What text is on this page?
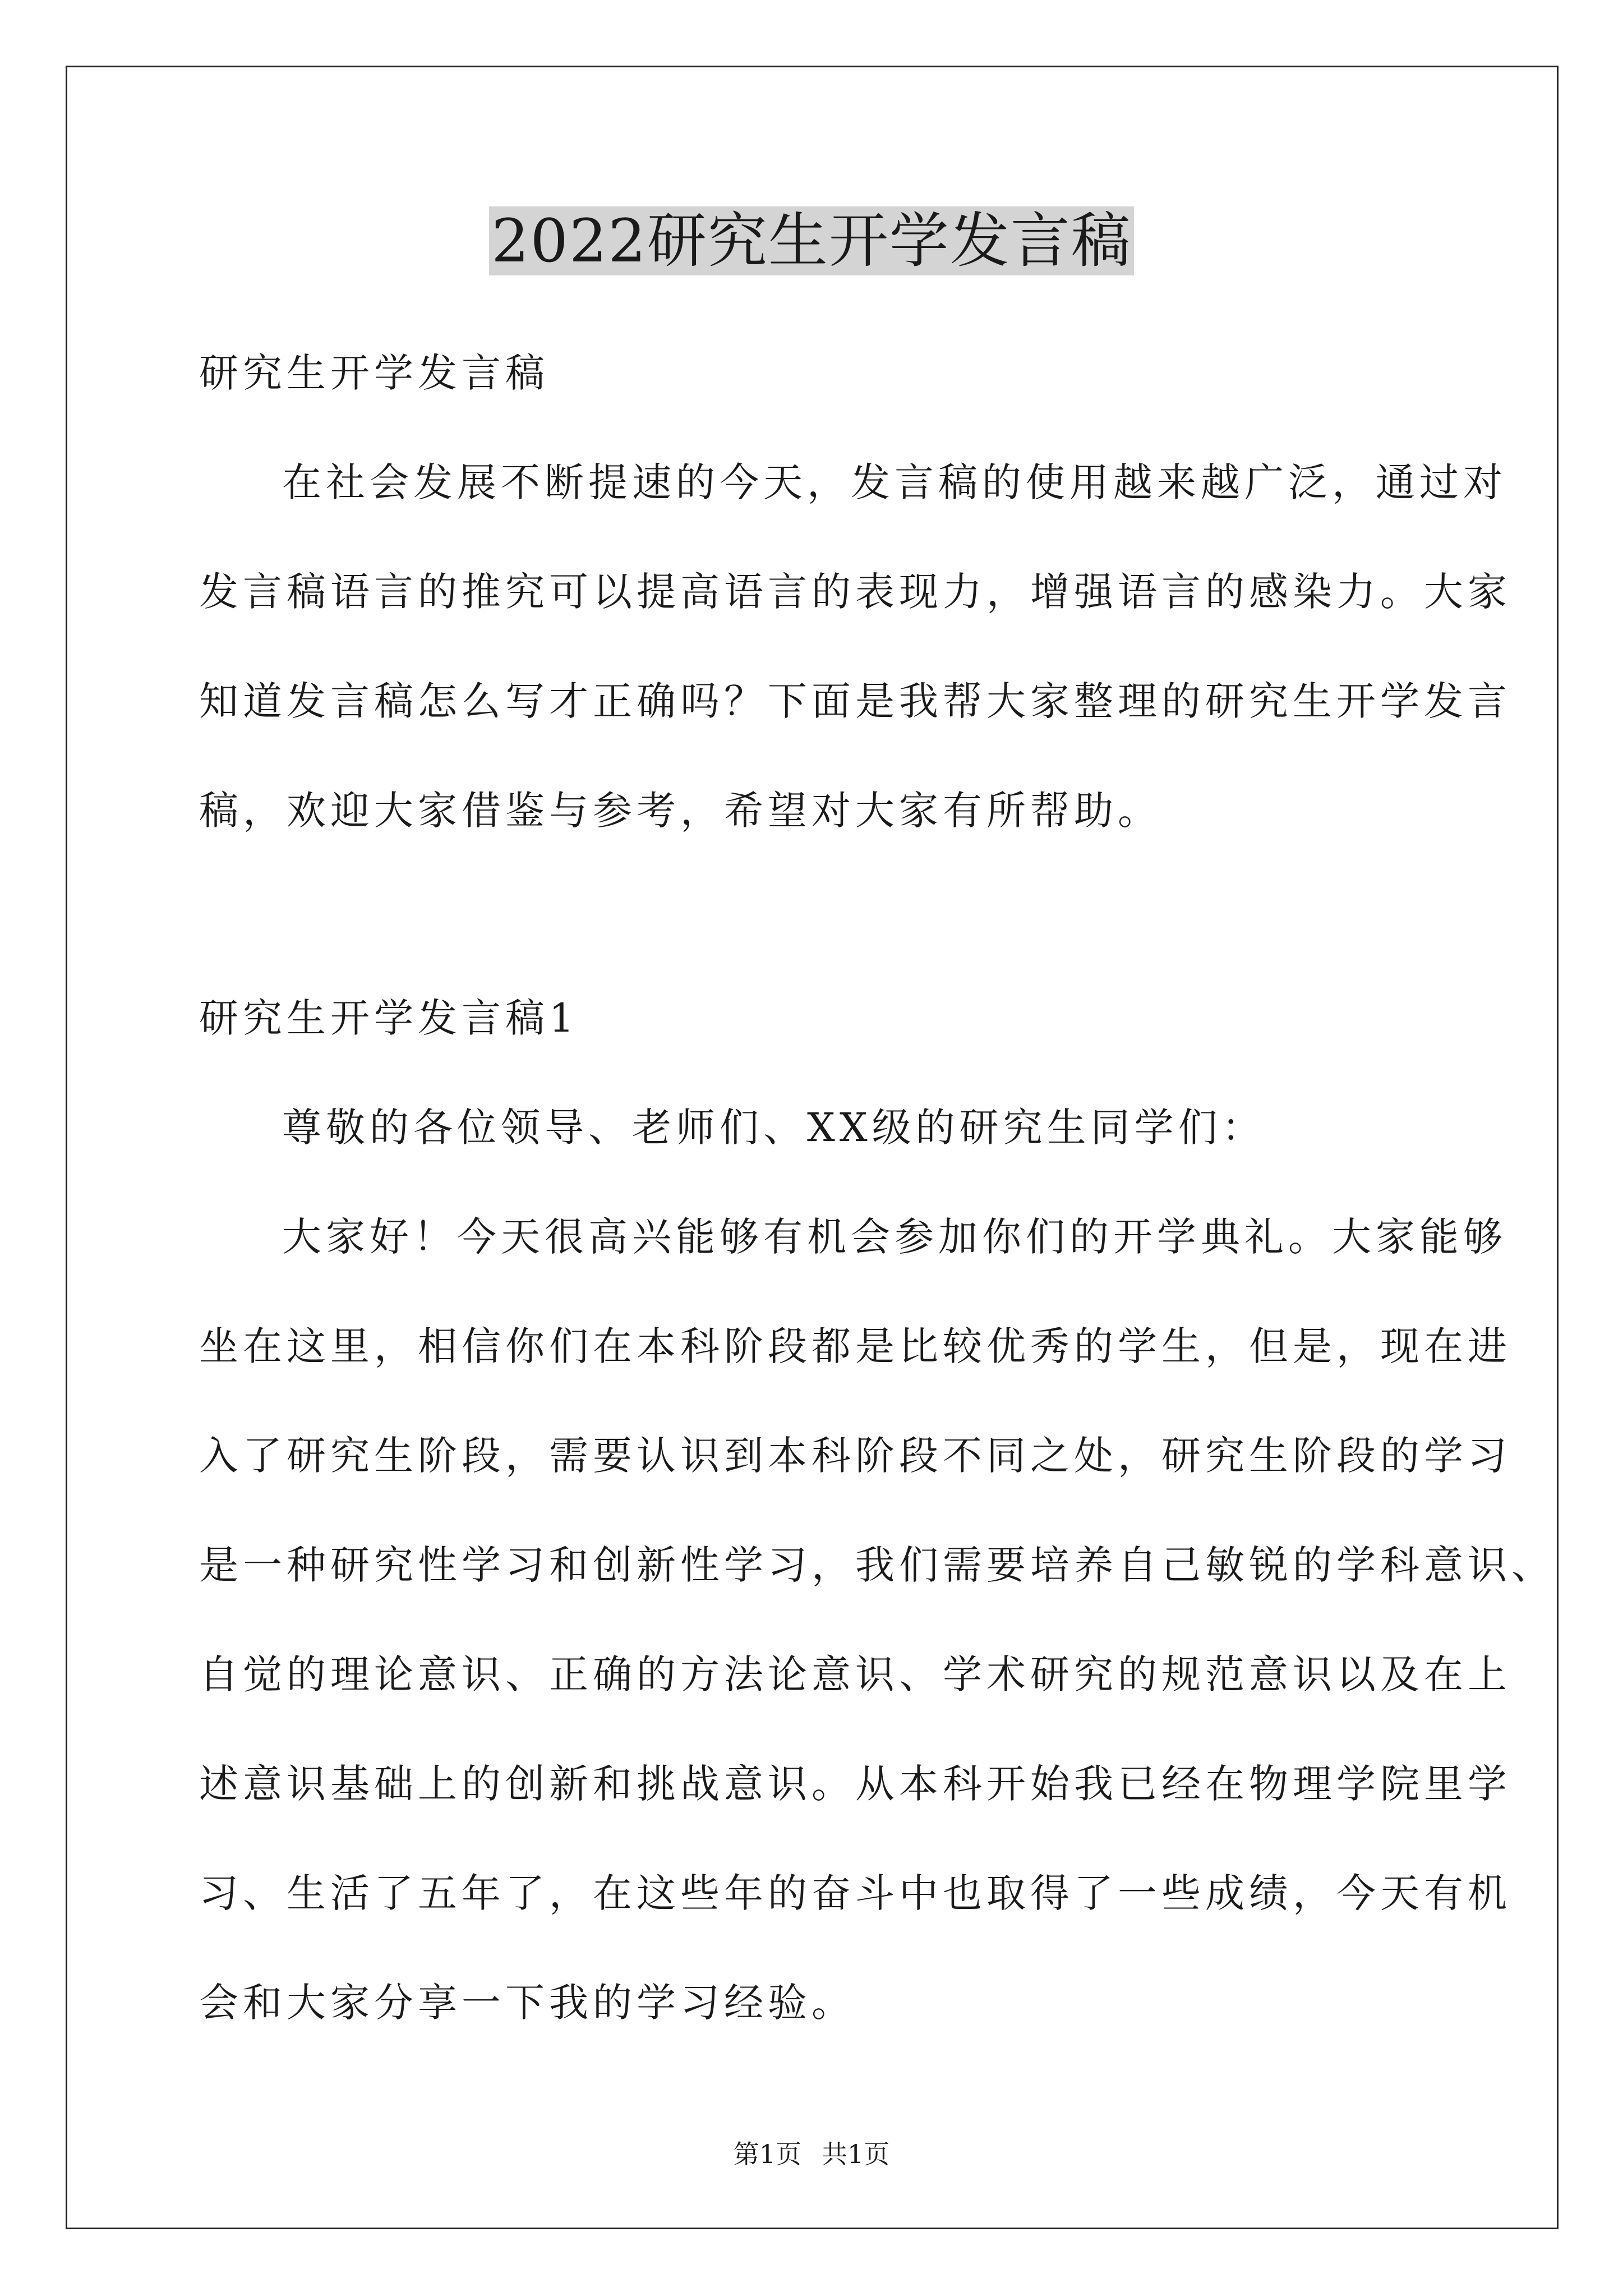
2022研究生开学发言稿

研究生开学发言稿

在社会发展不断提速的今天，发言稿的使用越来越广泛，通过对

发言稿语言的推究可以提高语言的表现力，增强语言的感染力。大家

知道发言稿怎么写才正确吗？下面是我帮大家整理的研究生开学发言

稿，欢迎大家借鉴与参考，希望对大家有所帮助。

研究生开学发言稿1

尊敬的各位领导、老师们、XX级的研究生同学们：

大家好！今天很高兴能够有机会参加你们的开学典礼。大家能够

坐在这里，相信你们在本科阶段都是比较优秀的学生，但是，现在进

入了研究生阶段，需要认识到本科阶段不同之处，研究生阶段的学习

是一种研究性学习和创新性学习，我们需要培养自己敏锐的学科意识、

自觉的理论意识、正确的方法论意识、学术研究的规范意识以及在上

述意识基础上的创新和挑战意识。从本科开始我已经在物理学院里学

习、生活了五年了，在这些年的奋斗中也取得了一些成绩，今天有机

会和大家分享一下我的学习经验。

第1页 共1页
